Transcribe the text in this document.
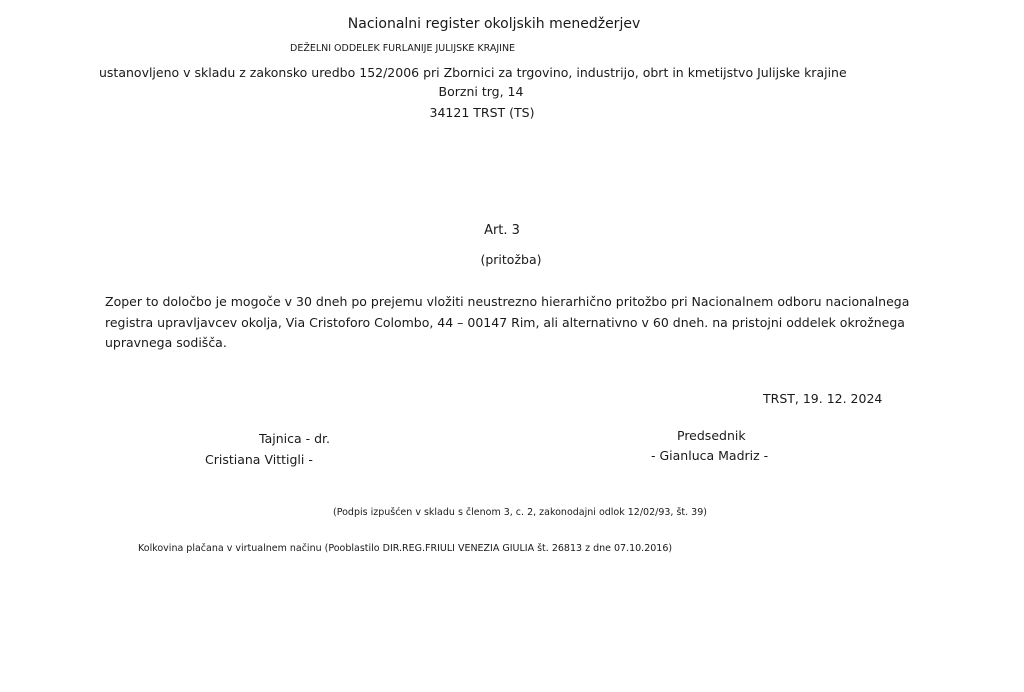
Nacionalni register okoljskih menedžerjev
DEŽELNI ODDELEK FURLANIJE JULIJSKE KRAJINE
ustanovljeno v skladu z zakonsko uredbo 152/2006 pri Zbornici za trgovino, industrijo, obrt in kmetijstvo Julijske krajine
Borzni trg, 14
34121 TRST (TS)
Art. 3
(pritožba)
Zoper to določbo je mogoče v 30 dneh po prejemu vložiti neustrezno hierarhično pritožbo pri Nacionalnem odboru nacionalnega
registra upravljavcev okolja, Via Cristoforo Colombo, 44 – 00147 Rim, ali alternativno v 60 dneh. na pristojni oddelek okrožnega
upravnega sodišča.
TRST, 19. 12. 2024
Tajnica - dr.
Cristiana Vittigli -
Predsednik
- Gianluca Madriz -
(Podpis izpušćen v skladu s členom 3, c. 2, zakonodajni odlok 12/02/93, št. 39)
Kolkovina plačana v virtualnem načinu (Pooblastilo DIR.REG.FRIULI VENEZIA GIULIA št. 26813 z dne 07.10.2016)
